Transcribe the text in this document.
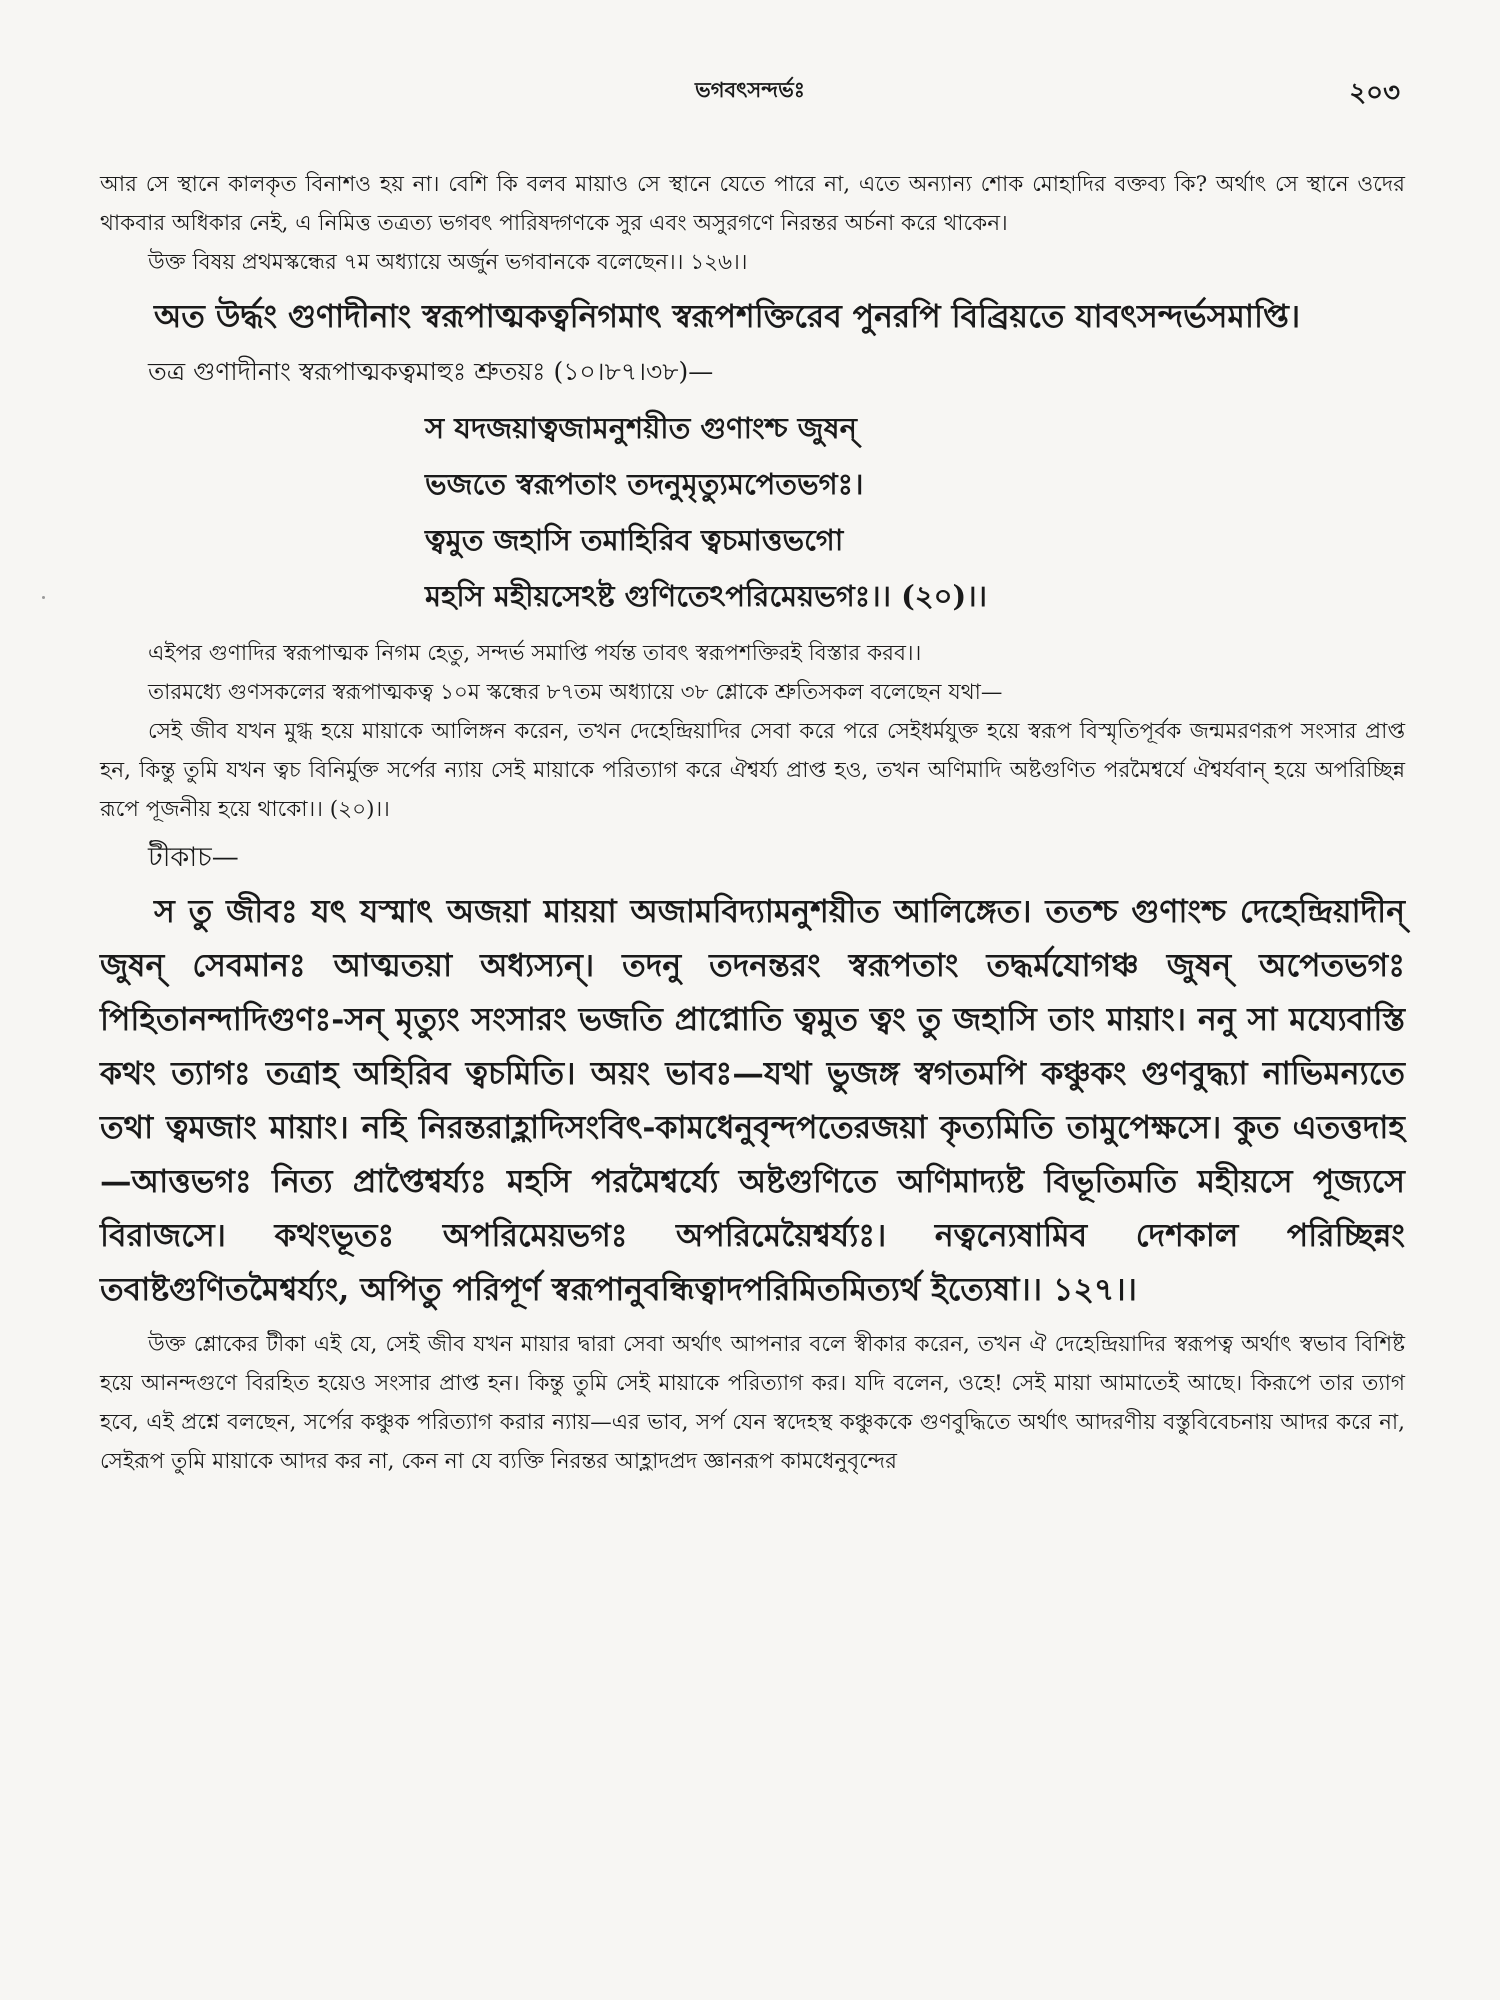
ভগবৎসন্দর্ভঃ	২০৩

আর সে স্থানে কালকৃত বিনাশও হয় না। বেশি কি বলব মায়াও সে স্থানে যেতে পারে না, এতে অন্যান্য শোক মোহাদির বক্তব্য কি? অর্থাৎ সে স্থানে ওদের থাকবার অধিকার নেই, এ নিমিত্ত তত্রত্য ভগবৎ পারিষদ্গণকে সুর এবং অসুরগণে নিরন্তর অর্চনা করে থাকেন।

উক্ত বিষয় প্রথমস্কন্ধের ৭ম অধ্যায়ে অর্জুন ভগবানকে বলেছেন।। ১২৬।।

অত উর্দ্ধং গুণাদীনাং স্বরূপাত্মকত্বনিগমাৎ স্বরূপশক্তিরেব পুনরপি বিব্রিয়তে যাবৎসন্দর্ভসমাপ্তি।

তত্র গুণাদীনাং স্বরূপাত্মকত্বমাহুঃ শ্রুতয়ঃ (১০।৮৭।৩৮)—

স যদজয়াত্বজামনুশয়ীত গুণাংশ্চ জুষন্
ভজতে স্বরূপতাং তদনুমৃত্যুমপেতভগঃ।
ত্বমুত জহাসি তমাহিরিব ত্বচমাত্তভগো
মহসি মহীয়সেঽষ্ট গুণিতেঽপরিমেয়ভগঃ।। (২০)।।

এইপর গুণাদির স্বরূপাত্মক নিগম হেতু, সন্দর্ভ সমাপ্তি পর্যন্ত তাবৎ স্বরূপশক্তিরই বিস্তার করব।।

তারমধ্যে গুণসকলের স্বরূপাত্মকত্ব ১০ম স্কন্ধের ৮৭তম অধ্যায়ে ৩৮ শ্লোকে শ্রুতিসকল বলেছেন যথা—

সেই জীব যখন মুগ্ধ হয়ে মায়াকে আলিঙ্গন করেন, তখন দেহেন্দ্রিয়াদির সেবা করে পরে সেইধর্মযুক্ত হয়ে স্বরূপ বিস্মৃতিপূর্বক জন্মমরণরূপ সংসার প্রাপ্ত হন, কিন্তু তুমি যখন ত্বচ বিনির্মুক্ত সর্পের ন্যায় সেই মায়াকে পরিত্যাগ করে ঐশ্বর্য্য প্রাপ্ত হও, তখন অণিমাদি অষ্টগুণিত পরমৈশ্বর্যে ঐশ্বর্যবান্ হয়ে অপরিচ্ছিন্ন রূপে পূজনীয় হয়ে থাকো।। (২০)।।

টীকাচ—

স তু জীবঃ যৎ যস্মাৎ অজয়া মায়য়া অজামবিদ্যামনুশয়ীত আলিঙ্গেত। ততশ্চ গুণাংশ্চ দেহেন্দ্রিয়াদীন্ জুষন্ সেবমানঃ আত্মতয়া অধ্যস্যন্। তদনু তদনন্তরং স্বরূপতাং তদ্ধর্মযোগঞ্চ জুষন্ অপেতভগঃ পিহিতানন্দাদিগুণঃ-সন্ মৃত্যুং সংসারং ভজতি প্রাপ্নোতি ত্বমুত ত্বং তু জহাসি তাং মায়াং। ননু সা ময্যেবাস্তি কথং ত্যাগঃ তত্রাহ অহিরিব ত্বচমিতি। অয়ং ভাবঃ—যথা ভুজঙ্গ স্বগতমপি কঞ্চুকং গুণবুদ্ধ্যা নাভিমন্যতে তথা ত্বমজাং মায়াং। নহি নিরন্তরাহ্লাদিসংবিৎ-কামধেনুবৃন্দপতেরজয়া কৃত্যমিতি তামুপেক্ষসে। কুত এতত্তদাহ—আত্তভগঃ নিত্য প্রাপ্তৈশ্বর্য্যঃ মহসি পরমৈশ্বর্য্যে অষ্টগুণিতে অণিমাদ্যষ্ট বিভূতিমতি মহীয়সে পূজ্যসে বিরাজসে। কথংভূতঃ অপরিমেয়ভগঃ অপরিমেয়ৈশ্বর্য্যঃ। নত্বন্যেষামিব দেশকাল পরিচ্ছিন্নং তবাষ্টগুণিতমৈশ্বর্য্যং, অপিতু পরিপূর্ণ স্বরূপানুবন্ধিত্বাদপরিমিতমিত্যর্থ ইত্যেষা।। ১২৭।।

উক্ত শ্লোকের টীকা এই যে, সেই জীব যখন মায়ার দ্বারা সেবা অর্থাৎ আপনার বলে স্বীকার করেন, তখন ঐ দেহেন্দ্রিয়াদির স্বরূপত্ব অর্থাৎ স্বভাব বিশিষ্ট হয়ে আনন্দগুণে বিরহিত হয়েও সংসার প্রাপ্ত হন। কিন্তু তুমি সেই মায়াকে পরিত্যাগ কর। যদি বলেন, ওহে! সেই মায়া আমাতেই আছে। কিরূপে তার ত্যাগ হবে, এই প্রশ্নে বলছেন, সর্পের কঞ্চুক পরিত্যাগ করার ন্যায়—এর ভাব, সর্প যেন স্বদেহস্থ কঞ্চুককে গুণবুদ্ধিতে অর্থাৎ আদরণীয় বস্তুবিবেচনায় আদর করে না, সেইরূপ তুমি মায়াকে আদর কর না, কেন না যে ব্যক্তি নিরন্তর আহ্লাদপ্রদ জ্ঞানরূপ কামধেনুবৃন্দের
